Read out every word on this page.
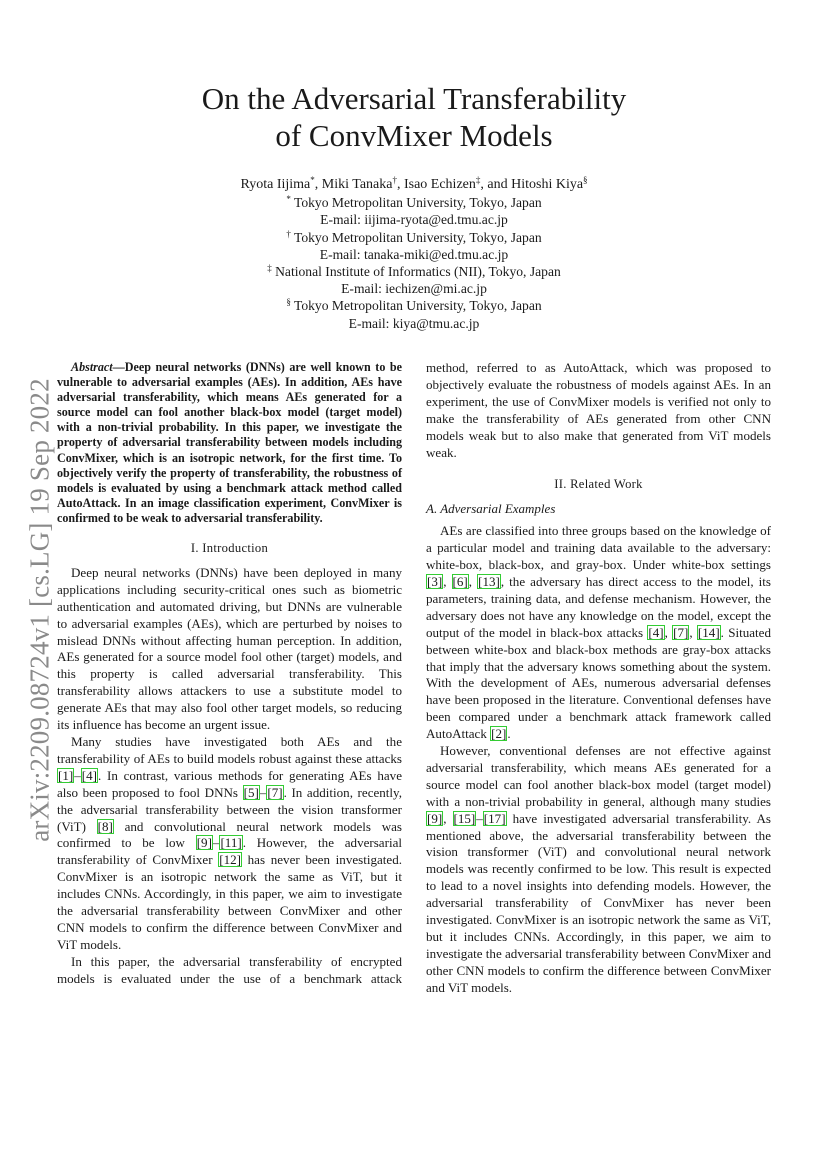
arXiv:2209.08724v1 [cs.LG] 19 Sep 2022
On the Adversarial Transferability
of ConvMixer Models
Ryota Iijima*, Miki Tanaka†, Isao Echizen‡, and Hitoshi Kiya§
* Tokyo Metropolitan University, Tokyo, Japan
E-mail: iijima-ryota@ed.tmu.ac.jp
† Tokyo Metropolitan University, Tokyo, Japan
E-mail: tanaka-miki@ed.tmu.ac.jp
‡ National Institute of Informatics (NII), Tokyo, Japan
E-mail: iechizen@mi.ac.jp
§ Tokyo Metropolitan University, Tokyo, Japan
E-mail: kiya@tmu.ac.jp

Abstract—Deep neural networks (DNNs) are well known to be vulnerable to adversarial examples (AEs). In addition, AEs have adversarial transferability, which means AEs generated for a source model can fool another black-box model (target model) with a non-trivial probability. In this paper, we investigate the property of adversarial transferability between models including ConvMixer, which is an isotropic network, for the first time. To objectively verify the property of transferability, the robustness of models is evaluated by using a benchmark attack method called AutoAttack. In an image classification experiment, ConvMixer is confirmed to be weak to adversarial transferability.

I. Introduction

Deep neural networks (DNNs) have been deployed in many applications including security-critical ones such as biometric authentication and automated driving, but DNNs are vulnerable to adversarial examples (AEs), which are perturbed by noises to mislead DNNs without affecting human perception. In addition, AEs generated for a source model fool other (target) models, and this property is called adversarial transferability. This transferability allows attackers to use a substitute model to generate AEs that may also fool other target models, so reducing its influence has become an urgent issue.

Many studies have investigated both AEs and the transferability of AEs to build models robust against these attacks [1]–[4]. In contrast, various methods for generating AEs have also been proposed to fool DNNs [5]–[7]. In addition, recently, the adversarial transferability between the vision transformer (ViT) [8] and convolutional neural network models was confirmed to be low [9]–[11]. However, the adversarial transferability of ConvMixer [12] has never been investigated. ConvMixer is an isotropic network the same as ViT, but it includes CNNs. Accordingly, in this paper, we aim to investigate the adversarial transferability between ConvMixer and other CNN models to confirm the difference between ConvMixer and ViT models.

In this paper, the adversarial transferability of encrypted models is evaluated under the use of a benchmark attack

method, referred to as AutoAttack, which was proposed to objectively evaluate the robustness of models against AEs. In an experiment, the use of ConvMixer models is verified not only to make the transferability of AEs generated from other CNN models weak but to also make that generated from ViT models weak.

II. Related Work
A. Adversarial Examples

AEs are classified into three groups based on the knowledge of a particular model and training data available to the adversary: white-box, black-box, and gray-box. Under white-box settings [3], [6], [13], the adversary has direct access to the model, its parameters, training data, and defense mechanism. However, the adversary does not have any knowledge on the model, except the output of the model in black-box attacks [4], [7], [14]. Situated between white-box and black-box methods are gray-box attacks that imply that the adversary knows something about the system. With the development of AEs, numerous adversarial defenses have been proposed in the literature. Conventional defenses have been compared under a benchmark attack framework called AutoAttack [2].

However, conventional defenses are not effective against adversarial transferability, which means AEs generated for a source model can fool another black-box model (target model) with a non-trivial probability in general, although many studies [9], [15]–[17] have investigated adversarial transferability. As mentioned above, the adversarial transferability between the vision transformer (ViT) and convolutional neural network models was recently confirmed to be low. This result is expected to lead to a novel insights into defending models. However, the adversarial transferability of ConvMixer has never been investigated. ConvMixer is an isotropic network the same as ViT, but it includes CNNs. Accordingly, in this paper, we aim to investigate the adversarial transferability between ConvMixer and other CNN models to confirm the difference between ConvMixer and ViT models.
